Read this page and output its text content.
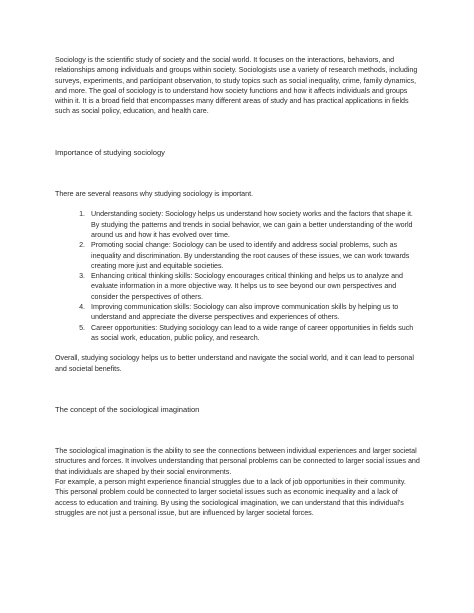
Sociology is the scientific study of society and the social world. It focuses on the interactions, behaviors, and relationships among individuals and groups within society. Sociologists use a variety of research methods, including surveys, experiments, and participant observation, to study topics such as social inequality, crime, family dynamics, and more. The goal of sociology is to understand how society functions and how it affects individuals and groups within it. It is a broad field that encompasses many different areas of study and has practical applications in fields such as social policy, education, and health care.

Importance of studying sociology

There are several reasons why studying sociology is important.

1. Understanding society: Sociology helps us understand how society works and the factors that shape it. By studying the patterns and trends in social behavior, we can gain a better understanding of the world around us and how it has evolved over time.
2. Promoting social change: Sociology can be used to identify and address social problems, such as inequality and discrimination. By understanding the root causes of these issues, we can work towards creating more just and equitable societies.
3. Enhancing critical thinking skills: Sociology encourages critical thinking and helps us to analyze and evaluate information in a more objective way. It helps us to see beyond our own perspectives and consider the perspectives of others.
4. Improving communication skills: Sociology can also improve communication skills by helping us to understand and appreciate the diverse perspectives and experiences of others.
5. Career opportunities: Studying sociology can lead to a wide range of career opportunities in fields such as social work, education, public policy, and research.

Overall, studying sociology helps us to better understand and navigate the social world, and it can lead to personal and societal benefits.

The concept of the sociological imagination

The sociological imagination is the ability to see the connections between individual experiences and larger societal structures and forces. It involves understanding that personal problems can be connected to larger social issues and that individuals are shaped by their social environments.

For example, a person might experience financial struggles due to a lack of job opportunities in their community. This personal problem could be connected to larger societal issues such as economic inequality and a lack of access to education and training. By using the sociological imagination, we can understand that this individual's struggles are not just a personal issue, but are influenced by larger societal forces.
